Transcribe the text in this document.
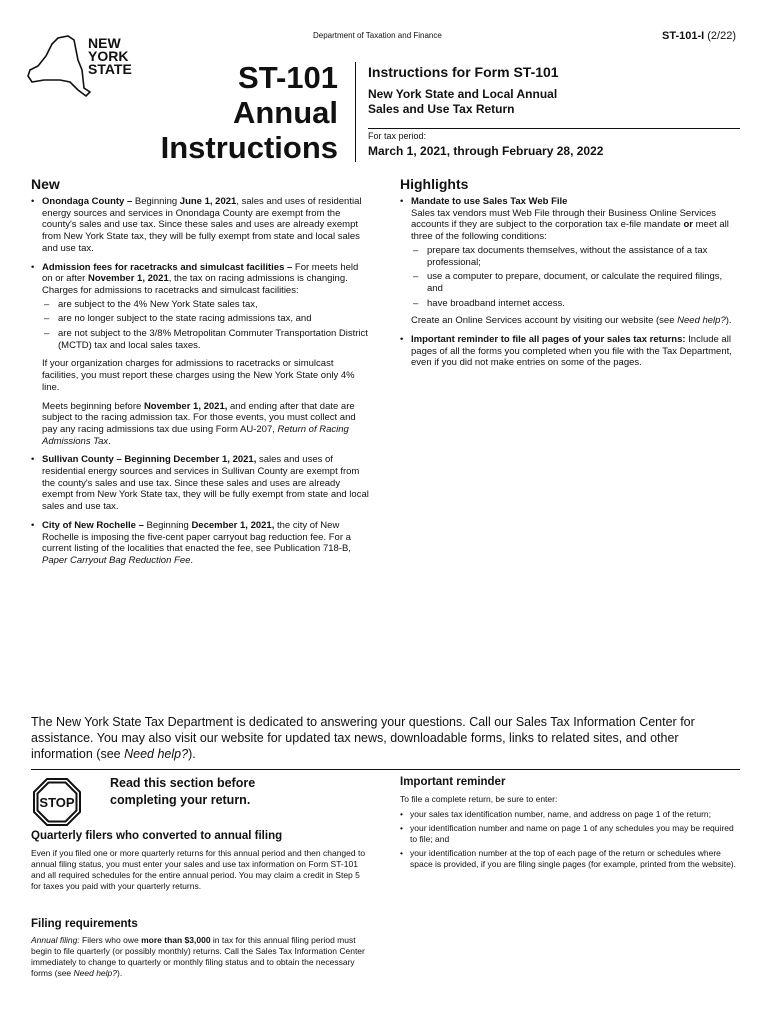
Department of Taxation and Finance	ST-101-I (2/22)
NEW
YORK
STATE	ST-101
Annual
Instructions
Instructions for Form ST-101
New York State and Local Annual
Sales and Use Tax Return
For tax period:
March 1, 2021, through February 28, 2022
New
• Onondaga County – Beginning June 1, 2021, sales and uses of residential energy sources and services in Onondaga County are exempt from the county's sales and use tax. Since these sales and uses are already exempt from New York State tax, they will be fully exempt from state and local sales and use tax.
• Admission fees for racetracks and simulcast facilities – For meets held on or after November 1, 2021, the tax on racing admissions is changing. Charges for admissions to racetracks and simulcast facilities:
– are subject to the 4% New York State sales tax,
– are no longer subject to the state racing admissions tax, and
– are not subject to the 3/8% Metropolitan Commuter Transportation District (MCTD) tax and local sales taxes.

If your organization charges for admissions to racetracks or simulcast facilities, you must report these charges using the New York State only 4% line.

Meets beginning before November 1, 2021, and ending after that date are subject to the racing admission tax. For those events, you must collect and pay any racing admissions tax due using Form AU-207, Return of Racing Admissions Tax.

• Sullivan County – Beginning December 1, 2021, sales and uses of residential energy sources and services in Sullivan County are exempt from the county's sales and use tax. Since these sales and uses are already exempt from New York State tax, they will be fully exempt from state and local sales and use tax.
• City of New Rochelle – Beginning December 1, 2021, the city of New Rochelle is imposing the five-cent paper carryout bag reduction fee. For a current listing of the localities that enacted the fee, see Publication 718-B, Paper Carryout Bag Reduction Fee.
Highlights
• Mandate to use Sales Tax Web File
Sales tax vendors must Web File through their Business Online Services accounts if they are subject to the corporation tax e-file mandate or meet all three of the following conditions:
– prepare tax documents themselves, without the assistance of a tax professional;
– use a computer to prepare, document, or calculate the required filings, and
– have broadband internet access.
Create an Online Services account by visiting our website (see Need help?).
• Important reminder to file all pages of your sales tax returns: Include all pages of all the forms you completed when you file with the Tax Department, even if you did not make entries on some of the pages.
The New York State Tax Department is dedicated to answering your questions. Call our Sales Tax Information Center for assistance. You may also visit our website for updated tax news, downloadable forms, links to related sites, and other information (see Need help?).
STOP
Read this section before
completing your return.
Quarterly filers who converted to annual filing
Even if you filed one or more quarterly returns for this annual period and then changed to annual filing status, you must enter your sales and use tax information on Form ST-101 and all required schedules for the entire annual period. You may claim a credit in Step 5 for taxes you paid with your quarterly returns.
Filing requirements
Annual filing: Filers who owe more than $3,000 in tax for this annual filing period must begin to file quarterly (or possibly monthly) returns. Call the Sales Tax Information Center immediately to change to quarterly or monthly filing status and to obtain the necessary forms (see Need help?).
Important reminder
To file a complete return, be sure to enter:
• your sales tax identification number, name, and address on page 1 of the return;
• your identification number and name on page 1 of any schedules you may be required to file; and
• your identification number at the top of each page of the return or schedules where space is provided, if you are filing single pages (for example, printed from the website).
